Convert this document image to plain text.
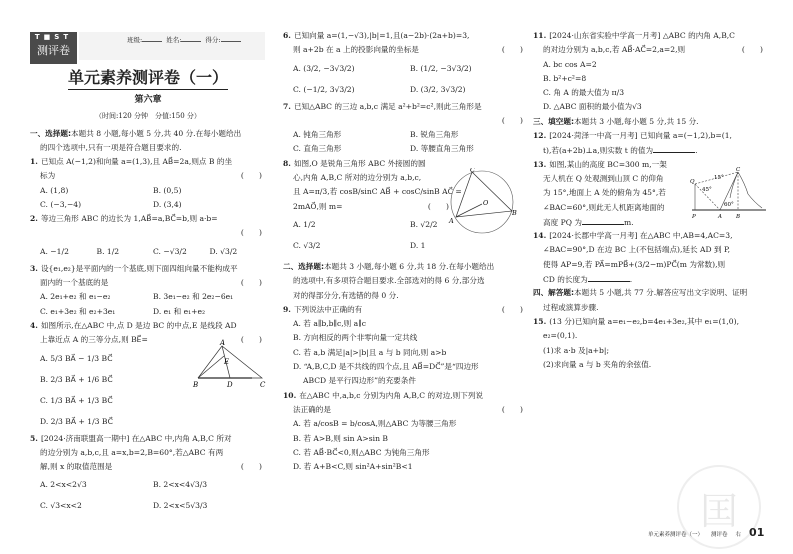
T■ST
测评卷
班级:	姓名:	得分:
单元素养测评卷（一）
第六章
（时间:120 分钟　分值:150 分）
一、选择题: 本题共 8 小题,每小题 5 分,共 40 分.在每小题给出
的四个选项中,只有一项是符合题目要求的.
1. 已知点 A(−1,2)和向量 a=(1,3),且 AB⃗=2a,则点 B 的坐
标为	(　　)
A. (1,8)	B. (0,5)
C. (−3,−4)	D. (3,4)
2. 等边三角形 ABC 的边长为 1,AB⃗=a,BC⃗=b,则 a·b=
(　　)
A. −1/2	B. 1/2	C. −√3/2	D. √3/2
3. 设{e₁,e₂}是平面内的一个基底,则下面四组向量不能构成平
面内的一个基底的是	(　　)
A. 2e₁+e₂ 和 e₁−e₂	B. 3e₁−e₂ 和 2e₂−6e₁
C. e₁+3e₂ 和 e₂+3e₁	D. e₁ 和 e₁+e₂
4. 如图所示,在△ABC 中,点 D 是边 BC 的中点,E 是线段 AD
上靠近点 A 的三等分点,则 BE⃗=	(　　)
A. 5/3 BA⃗ − 1/3 BC⃗
B. 2/3 BA⃗ + 1/6 BC⃗
C. 1/3 BA⃗ + 1/3 BC⃗
D. 2/3 BA⃗ + 1/3 BC⃗
5. [2024·济南联盟高一期中] 在△ABC 中,内角 A,B,C 所对
的边分别为 a,b,c,且 a=x,b=2,B=60°,若△ABC 有两
解,则 x 的取值范围是	(　　)
A. 2<x<2√3	B. 2<x<4√3/3
C. √3<x<2	D. 2<x<5√3/3
6. 已知向量 a=(1,−√3),|b|=1,且(a−2b)·(2a+b)=3,
则 a+2b 在 a 上的投影向量的坐标是	(　　)
A. (3/2, −3√3/2)	B. (1/2, −3√3/2)
C. (−1/2, 3√3/2)	D. (3/2, 3√3/2)
7. 已知△ABC 的三边 a,b,c 满足 a²+b²=c²,则此三角形是
(　　)
A. 钝角三角形	B. 锐角三角形
C. 直角三角形	D. 等腰直角三角形
8. 如图,O 是锐角三角形 ABC 外接圆的圆
心,内角 A,B,C 所对的边分别为 a,b,c,
且 A=π/3,若 cosB/sinC AB⃗ + cosC/sinB AC⃗ =
2mAO⃗,则 m=	(　　)
A. 1/2	B. √2/2
C. √3/2	D. 1
二、选择题: 本题共 3 小题,每小题 6 分,共 18 分.在每小题给出
的选项中,有多项符合题目要求.全部选对的得 6 分,部分选
对的得部分分,有选错的得 0 分.
9. 下列说法中正确的有	(　　)
A. 若 a∥b,b∥c,则 a∥c
B. 方向相反的两个非零向量一定共线
C. 若 a,b 满足|a|>|b|且 a 与 b 同向,则 a>b
D. “A,B,C,D 是不共线的四个点,且 AB⃗=DC⃗”是“四边形
　 ABCD 是平行四边形”的充要条件
10. 在△ABC 中,a,b,c 分别为内角 A,B,C 的对边,则下列说
法正确的是	(　　)
A. 若 a/cosB = b/cosA,则△ABC 为等腰三角形
B. 若 A>B,则 sin A>sin B
C. 若 AB⃗·BC⃗<0,则△ABC 为钝角三角形
D. 若 A+B<C,则 sin²A+sin²B<1
11. [2024·山东省实验中学高一月考] △ABC 的内角 A,B,C
的对边分别为 a,b,c,若 AB⃗·AC⃗=2,a=2,则	(　　)
A. bc cos A=2
B. b²+c²=8
C. 角 A 的最大值为 π/3
D. △ABC 面积的最小值为√3
三、填空题: 本题共 3 小题,每小题 5 分,共 15 分.
12. [2024·菏泽一中高一月考] 已知向量 a=(−1,2),b=(1,
t),若(a+2b)⊥a,则实数 t 的值为	.
13. 如图,某山的高度 BC=300 m,一架
无人机在 Q 处观测到山顶 C 的仰角
为 15°,地面上 A 处的俯角为 45°,若
∠BAC=60°,则此无人机距离地面的
高度 PQ 为	m.
14. [2024·长郡中学高一月考] 在△ABC 中,AB=4,AC=3,
∠BAC=90°,D 在边 BC 上(不包括端点),延长 AD 到 P,
使得 AP=9,若 PA⃗=mPB⃗+(3/2−m)PC⃗(m 为常数),则
CD 的长度为	.
四、解答题: 本题共 5 小题,共 77 分.解答应写出文字说明、证明
过程或演算步骤.
15. (13 分)已知向量 a=e₁−e₂,b=4e₁+3e₂,其中 e₁=(1,0),
e₂=(0,1).
(1)求 a·b 及|a+b|;
(2)求向量 a 与 b 夹角的余弦值.
A
E
B	D	C
C
O
B
A
Q
C
15°
45°
60°
P	A	B
囯
单元素养测评卷（一） 测评卷 右 01
